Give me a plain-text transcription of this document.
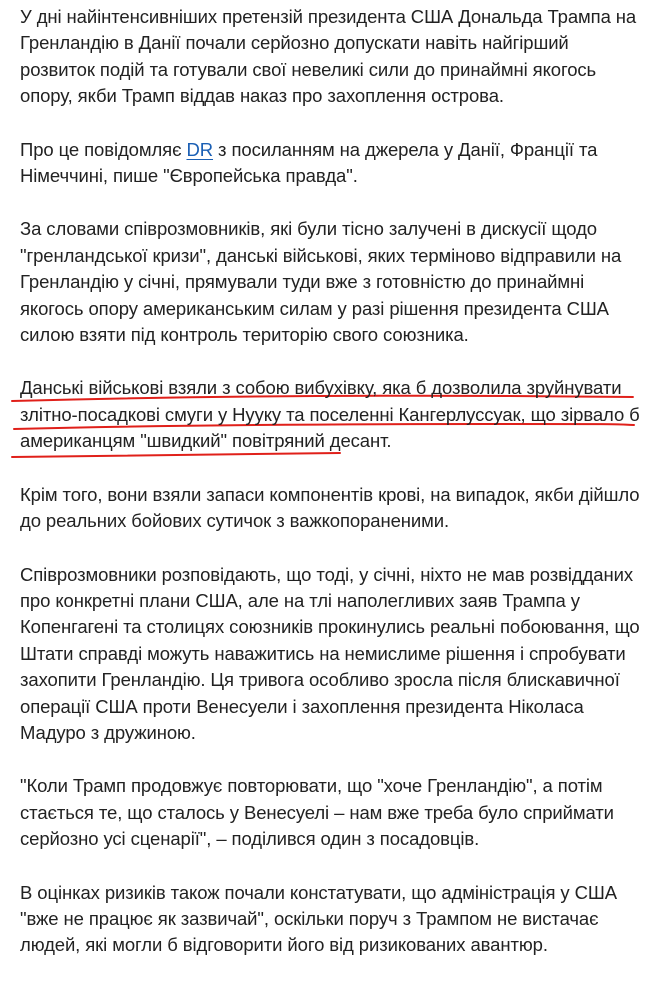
У дні найінтенсивніших претензій президента США Дональда Трампа на Гренландію в Данії почали серйозно допускати навіть найгірший розвиток подій та готували свої невеликі сили до принаймні якогось опору, якби Трамп віддав наказ про захоплення острова.

Про це повідомляє DR з посиланням на джерела у Данії, Франції та Німеччині, пише "Європейська правда".

За словами співрозмовників, які були тісно залучені в дискусії щодо "гренландської кризи", данські військові, яких терміново відправили на Гренландію у січні, прямували туди вже з готовністю до принаймні якогось опору американським силам у разі рішення президента США силою взяти під контроль територію свого союзника.

Данські військові взяли з собою вибухівку, яка б дозволила зруйнувати злітно-посадкові смуги у Нууку та поселенні Кангерлуссуак, що зірвало б американцям "швидкий" повітряний десант.

Крім того, вони взяли запаси компонентів крові, на випадок, якби дійшло до реальних бойових сутичок з важкопораненими.

Співрозмовники розповідають, що тоді, у січні, ніхто не мав розвідданих про конкретні плани США, але на тлі наполегливих заяв Трампа у Копенгагені та столицях союзників прокинулись реальні побоювання, що Штати справді можуть наважитись на немислиме рішення і спробувати захопити Гренландію. Ця тривога особливо зросла після блискавичної операції США проти Венесуели і захоплення президента Ніколаса Мадуро з дружиною.

"Коли Трамп продовжує повторювати, що "хоче Гренландію", а потім стається те, що сталось у Венесуелі – нам вже треба було сприймати серйозно усі сценарії", – поділився один з посадовців.

В оцінках ризиків також почали констатувати, що адміністрація у США "вже не працює як зазвичай", оскільки поруч з Трампом не вистачає людей, які могли б відговорити його від ризикованих авантюр.
